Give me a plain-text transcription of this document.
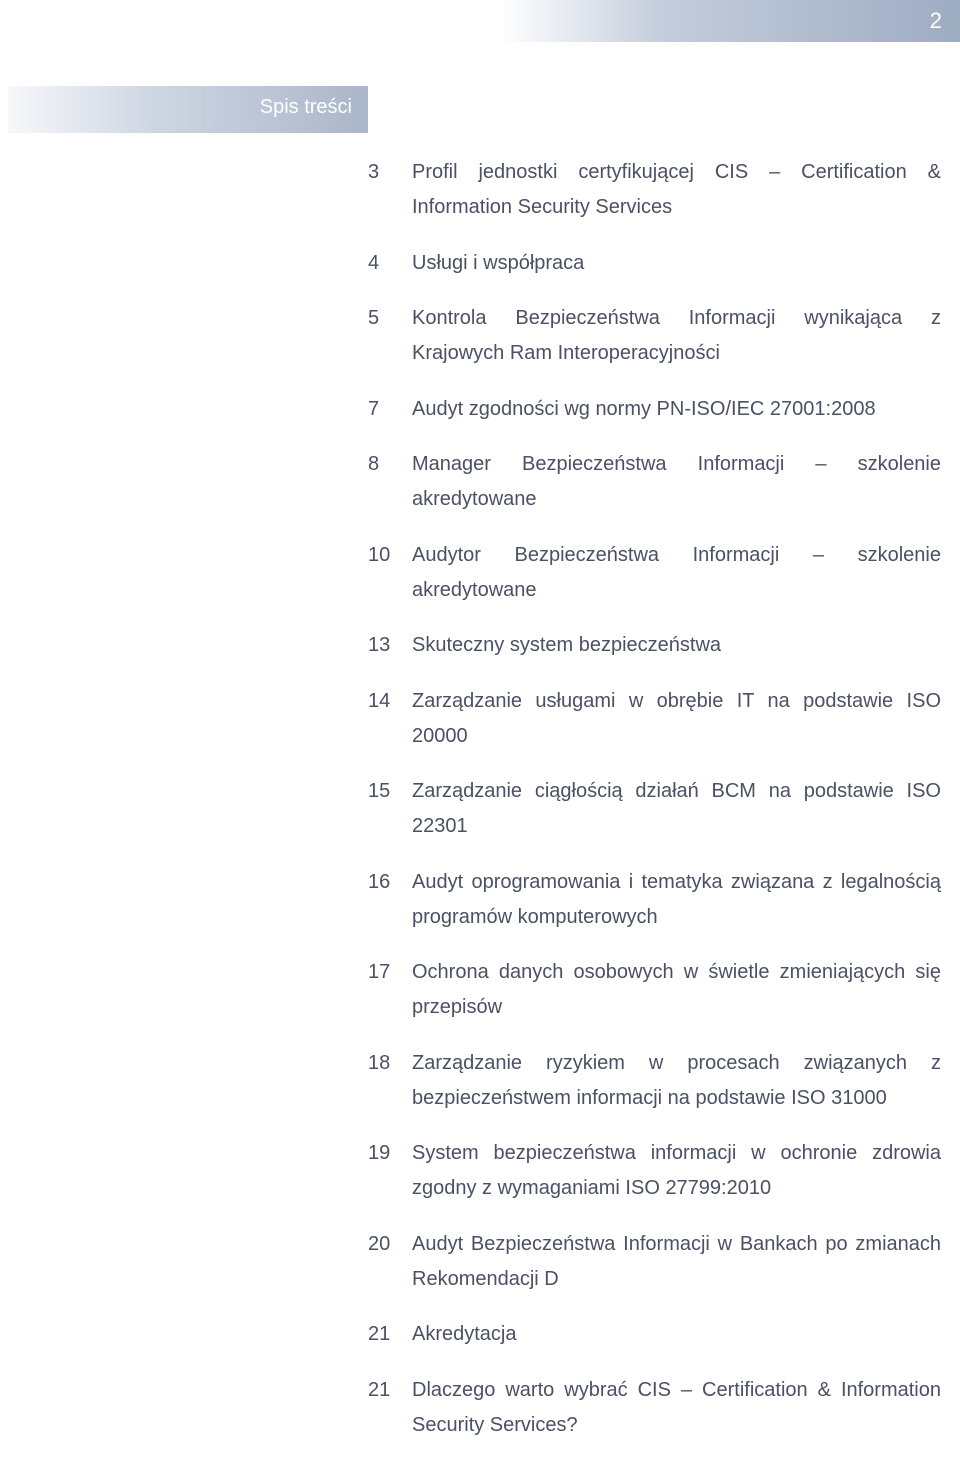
2
Spis treści
3	Profil jednostki certyfikującej CIS – Certification & Information Security Services
4	Usługi i współpraca
5	Kontrola Bezpieczeństwa Informacji wynikająca z Krajowych Ram Interoperacyjności
7	Audyt zgodności wg normy PN-ISO/IEC 27001:2008
8	Manager Bezpieczeństwa Informacji – szkolenie akredytowane
10	Audytor Bezpieczeństwa Informacji – szkolenie akredytowane
13	Skuteczny system bezpieczeństwa
14	Zarządzanie usługami w obrębie IT na podstawie ISO 20000
15	Zarządzanie ciągłością działań BCM na podstawie ISO 22301
16	Audyt oprogramowania i tematyka związana z legalnością programów komputerowych
17	Ochrona danych osobowych w świetle zmieniających się przepisów
18	Zarządzanie ryzykiem w procesach związanych z bezpieczeństwem informacji na podstawie ISO 31000
19	System bezpieczeństwa informacji w ochronie zdrowia zgodny z wymaganiami ISO 27799:2010
20	Audyt Bezpieczeństwa Informacji w Bankach po zmianach Rekomendacji D
21	Akredytacja
21	Dlaczego warto wybrać CIS – Certification & Information Security Services?
